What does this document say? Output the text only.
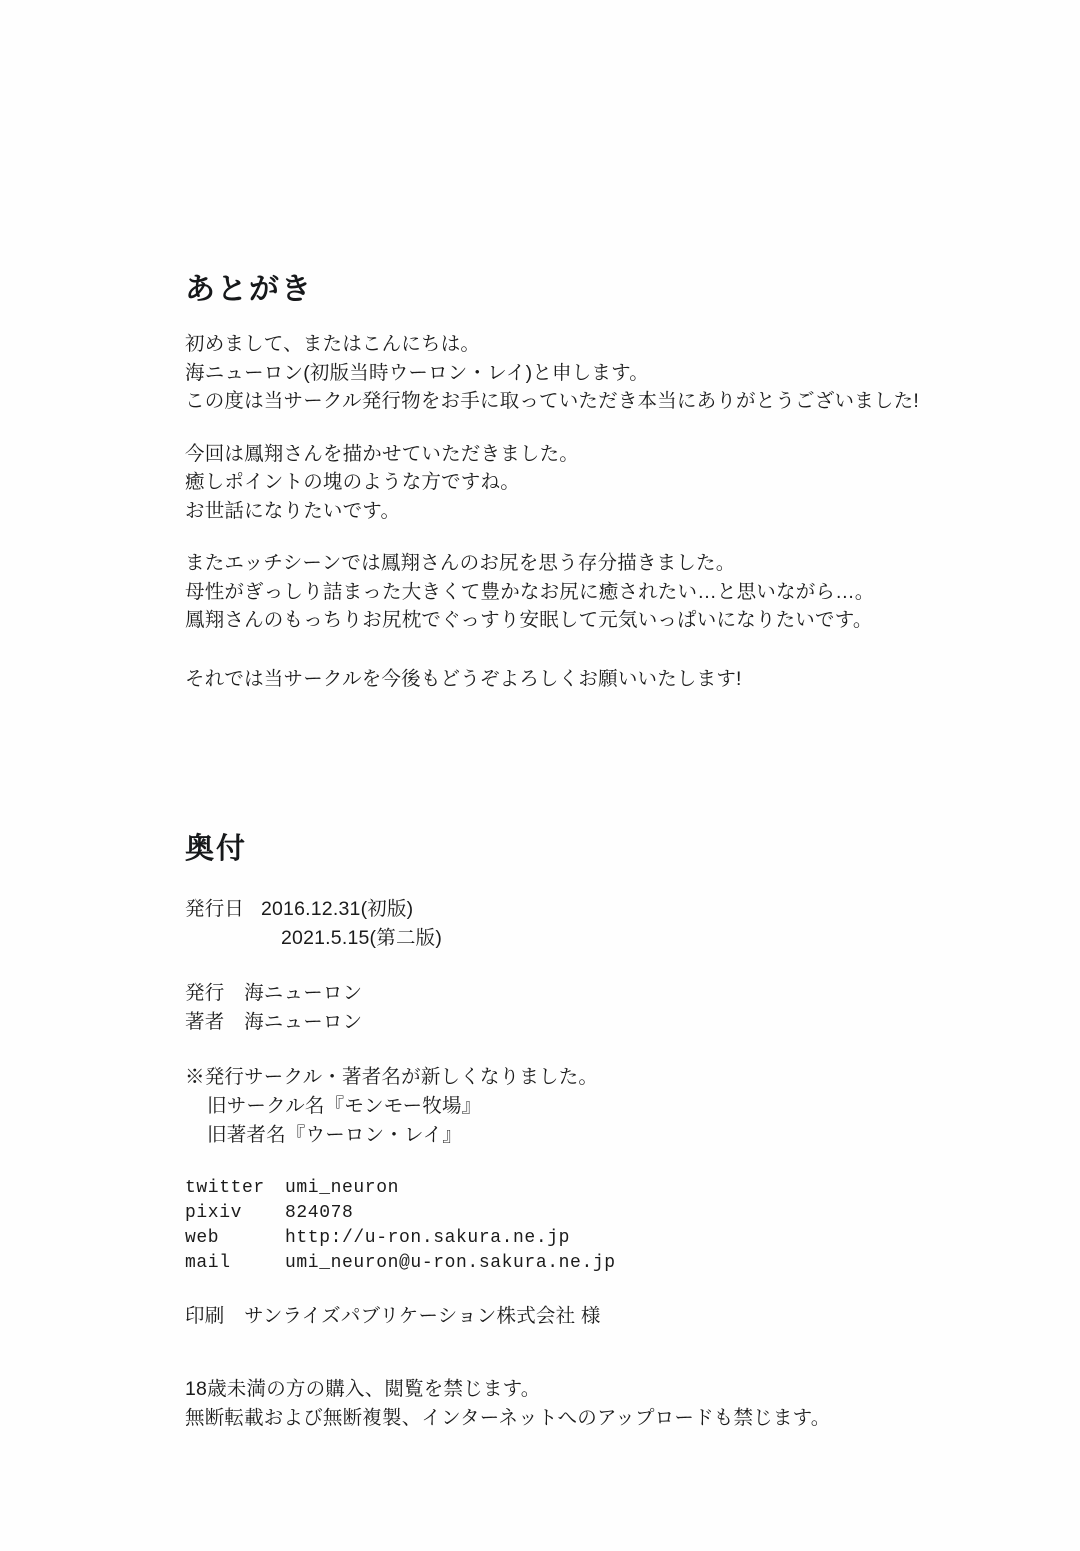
あとがき
初めまして、またはこんにちは。
海ニューロン(初版当時ウーロン・レイ)と申します。
この度は当サークル発行物をお手に取っていただき本当にありがとうございました!
今回は鳳翔さんを描かせていただきました。
癒しポイントの塊のような方ですね。
お世話になりたいです。
またエッチシーンでは鳳翔さんのお尻を思う存分描きました。
母性がぎっしり詰まった大きくて豊かなお尻に癒されたい…と思いながら…。
鳳翔さんのもっちりお尻枕でぐっすり安眠して元気いっぱいになりたいです。
それでは当サークルを今後もどうぞよろしくお願いいたします!
奥付
発行日 2016.12.31(初版)
2021.5.15(第二版)
発行　 海ニューロン
著者　 海ニューロン
※発行サークル・著者名が新しくなりました。
旧サークル名『モンモー牧場』
旧著者名『ウーロン・レイ』
twitter umi_neuron
pixiv 824078
web	http://u-ron.sakura.ne.jp
mail	umi_neuron@u-ron.sakura.ne.jp
印刷　 サンライズパブリケーション株式会社 様
18歳未満の方の購入、閲覧を禁じます。
無断転載および無断複製、インターネットへのアップロードも禁じます。
